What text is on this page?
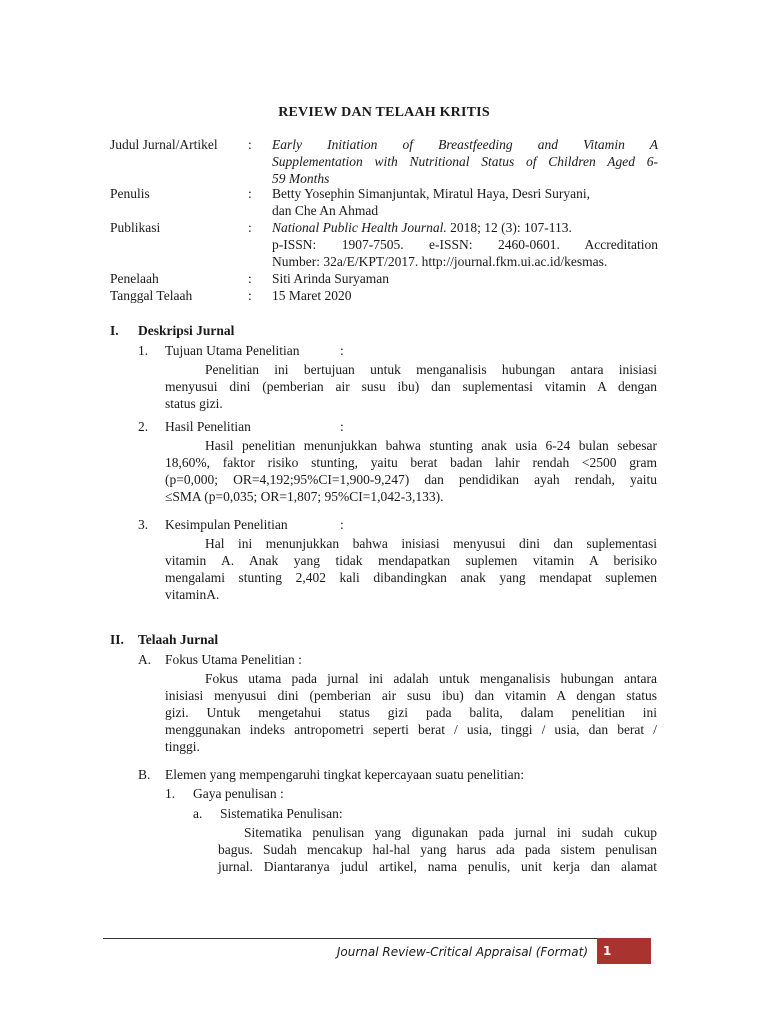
REVIEW DAN TELAAH KRITIS
Judul Jurnal/Artikel : Early Initiation of Breastfeeding and Vitamin A
Supplementation with Nutritional Status of Children Aged 6-
59 Months
Penulis	: Betty Yosephin Simanjuntak, Miratul Haya, Desri Suryani,
dan Che An Ahmad
Publikasi	: National Public Health Journal. 2018; 12 (3): 107-113.
p-ISSN: 1907-7505. e-ISSN: 2460-0601. Accreditation
Number: 32a/E/KPT/2017. http://journal.fkm.ui.ac.id/kesmas.
Penelaah	: Siti Arinda Suryaman
Tanggal Telaah	: 15 Maret 2020
I. Deskripsi Jurnal
1. Tujuan Utama Penelitian	:
Penelitian ini bertujuan untuk menganalisis hubungan antara inisiasi
menyusui dini (pemberian air susu ibu) dan suplementasi vitamin A dengan
status gizi.
2. Hasil Penelitian	:
Hasil penelitian menunjukkan bahwa stunting anak usia 6-24 bulan sebesar
18,60%, faktor risiko stunting, yaitu berat badan lahir rendah <2500 gram
(p=0,000; OR=4,192;95%CI=1,900-9,247) dan pendidikan ayah rendah, yaitu
≤SMA (p=0,035; OR=1,807; 95%CI=1,042-3,133).
3. Kesimpulan Penelitian	:
Hal ini menunjukkan bahwa inisiasi menyusui dini dan suplementasi
vitamin A. Anak yang tidak mendapatkan suplemen vitamin A berisiko
mengalami stunting 2,402 kali dibandingkan anak yang mendapat suplemen
vitaminA.
II. Telaah Jurnal
A. Fokus Utama Penelitian :
Fokus utama pada jurnal ini adalah untuk menganalisis hubungan antara
inisiasi menyusui dini (pemberian air susu ibu) dan vitamin A dengan status
gizi. Untuk mengetahui status gizi pada balita, dalam penelitian ini
menggunakan indeks antropometri seperti berat / usia, tinggi / usia, dan berat /
tinggi.
B. Elemen yang mempengaruhi tingkat kepercayaan suatu penelitian:
1. Gaya penulisan :
a. Sistematika Penulisan:
Sitematika penulisan yang digunakan pada jurnal ini sudah cukup
bagus. Sudah mencakup hal-hal yang harus ada pada sistem penulisan
jurnal. Diantaranya judul artikel, nama penulis, unit kerja dan alamat
Journal Review-Critical Appraisal (Format)	1
